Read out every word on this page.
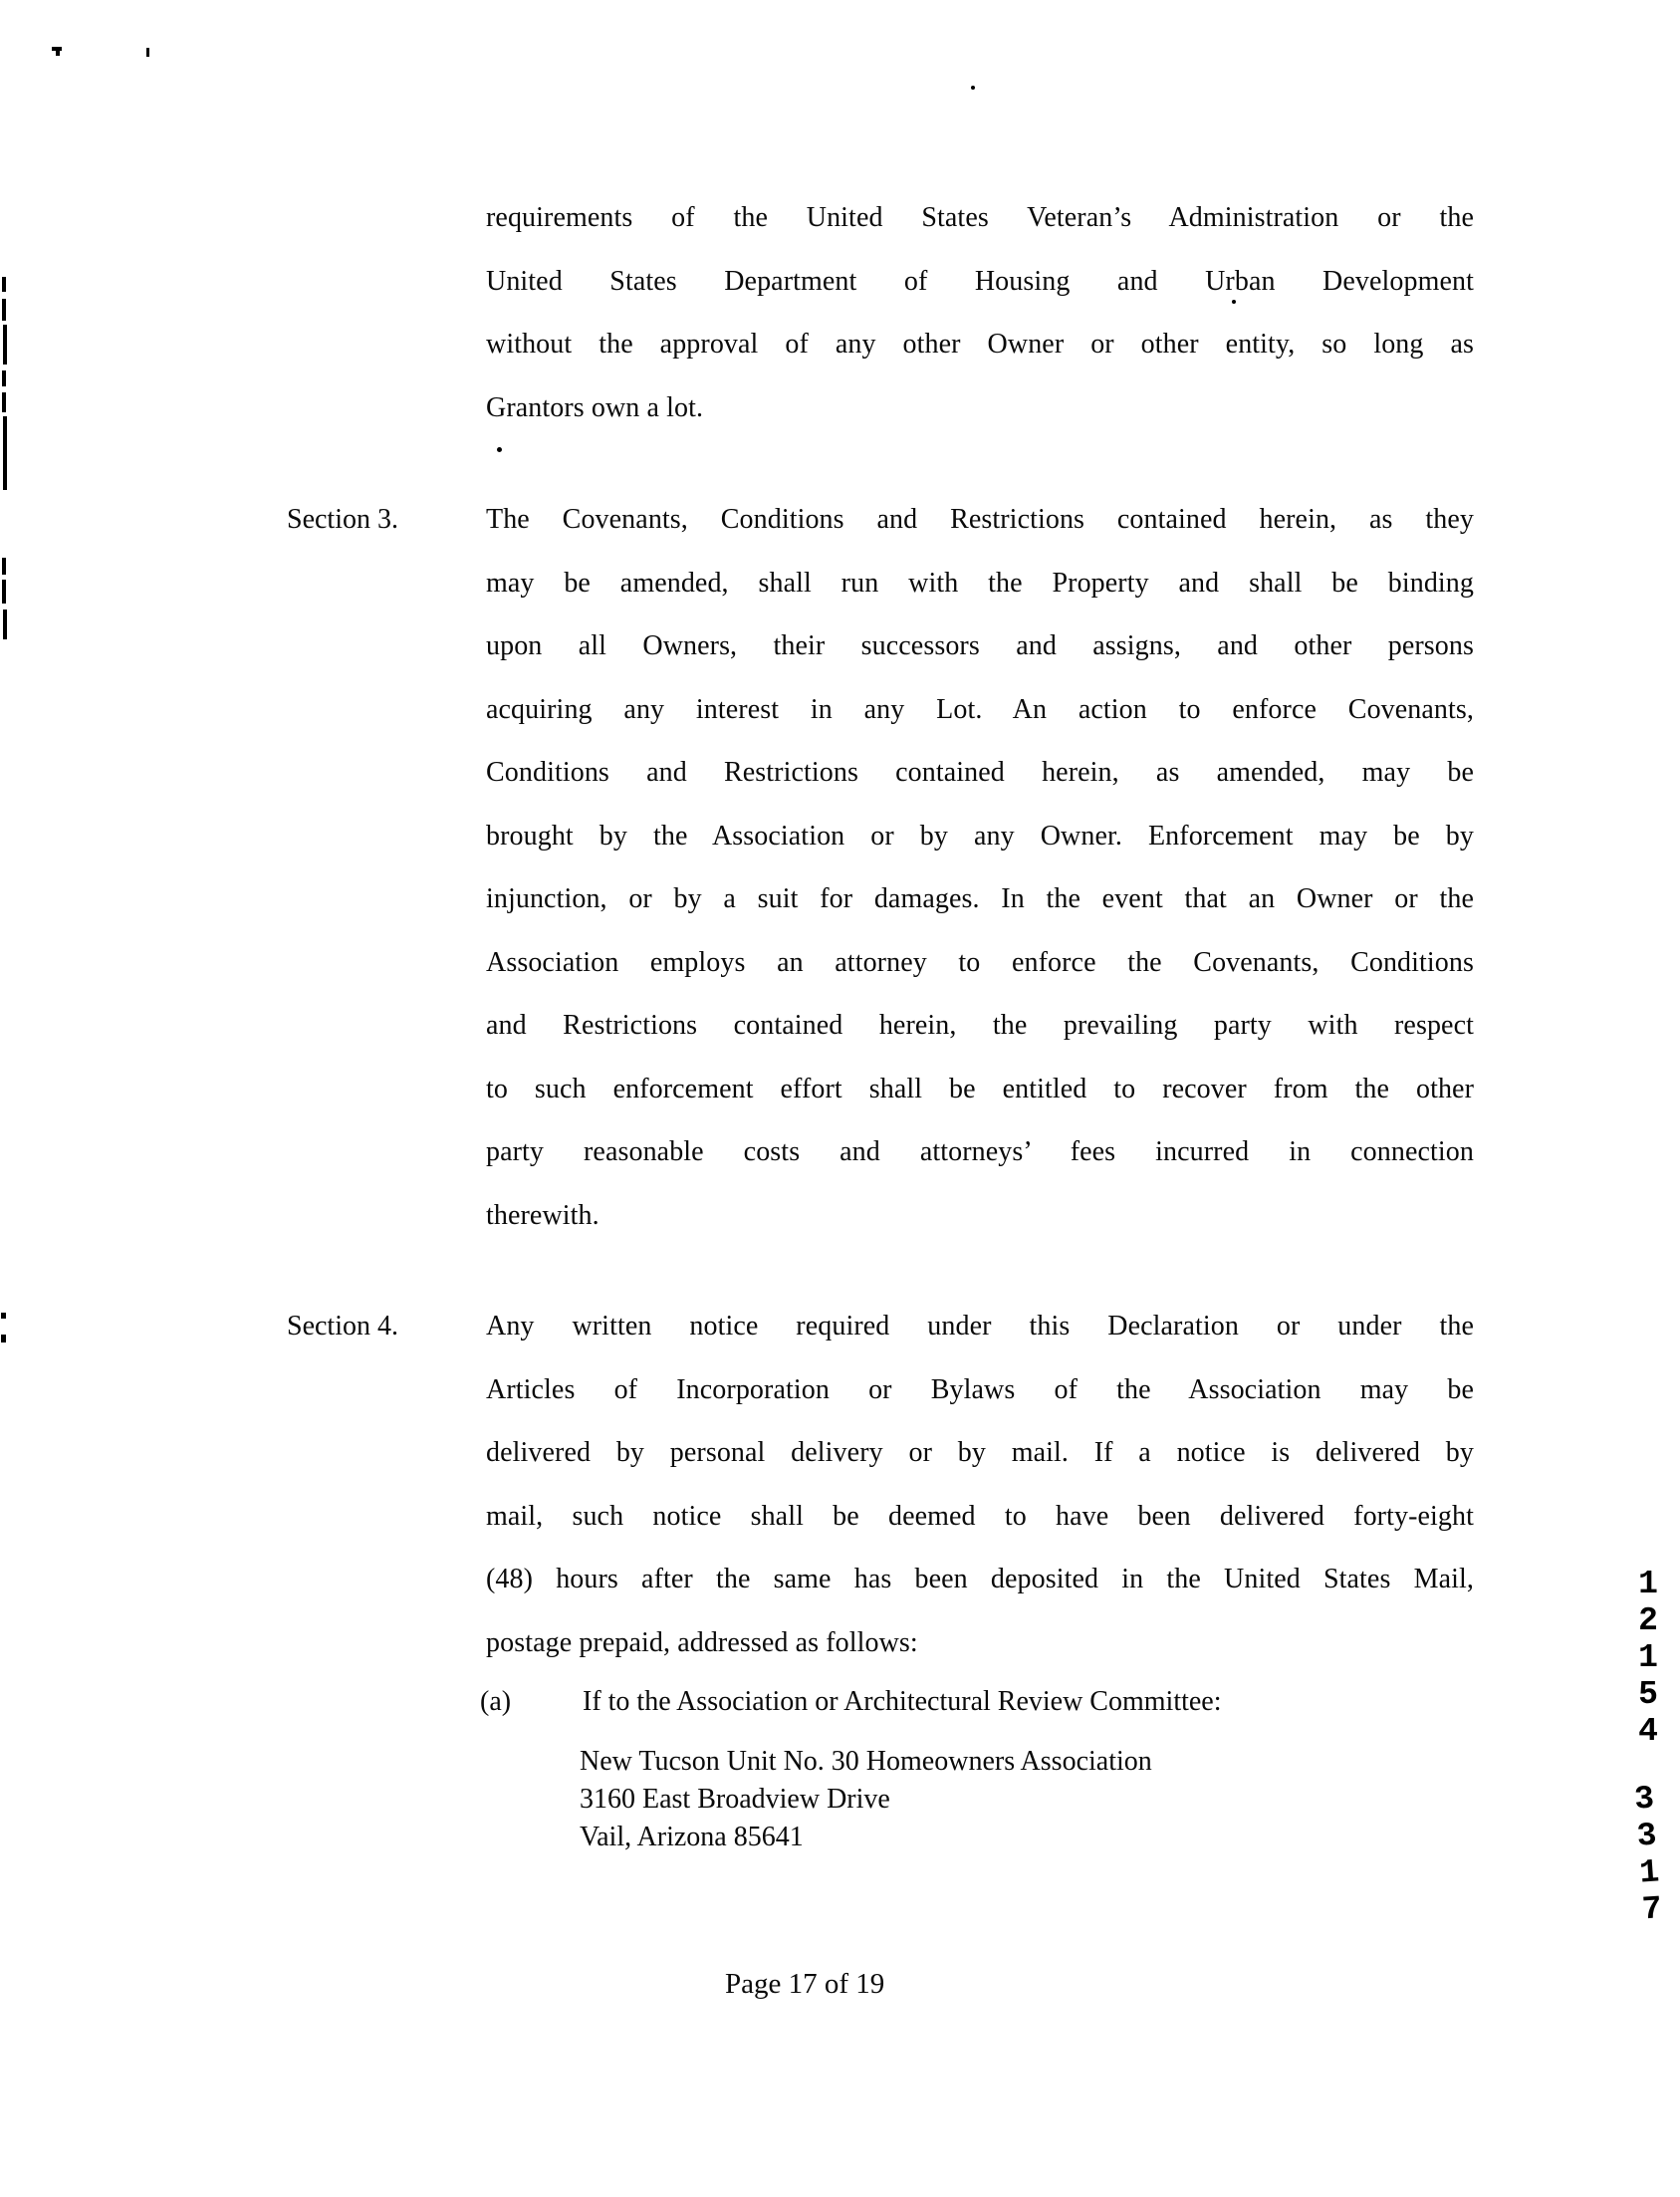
requirements of the United States Veteran’s Administration or the
United States Department of Housing and Urban Development
without the approval of any other Owner or other entity, so long as
Grantors own a lot.
Section 3.	The Covenants, Conditions and Restrictions contained herein, as they
may be amended, shall run with the Property and shall be binding
upon all Owners, their successors and assigns, and other persons
acquiring any interest in any Lot. An action to enforce Covenants,
Conditions and Restrictions contained herein, as amended, may be
brought by the Association or by any Owner. Enforcement may be by
injunction, or by a suit for damages. In the event that an Owner or the
Association employs an attorney to enforce the Covenants, Conditions
and Restrictions contained herein, the prevailing party with respect
to such enforcement effort shall be entitled to recover from the other
party reasonable costs and attorneys’ fees incurred in connection
therewith.
Section 4.	Any written notice required under this Declaration or under the
Articles of Incorporation or Bylaws of the Association may be
delivered by personal delivery or by mail. If a notice is delivered by
mail, such notice shall be deemed to have been delivered forty-eight
(48) hours after the same has been deposited in the United States Mail,
postage prepaid, addressed as follows:
(a)	If to the Association or Architectural Review Committee:
New Tucson Unit No. 30 Homeowners Association
3160 East Broadview Drive
Vail, Arizona 85641
Page 17 of 19
1
2
1
5
4
3
3
1
7
